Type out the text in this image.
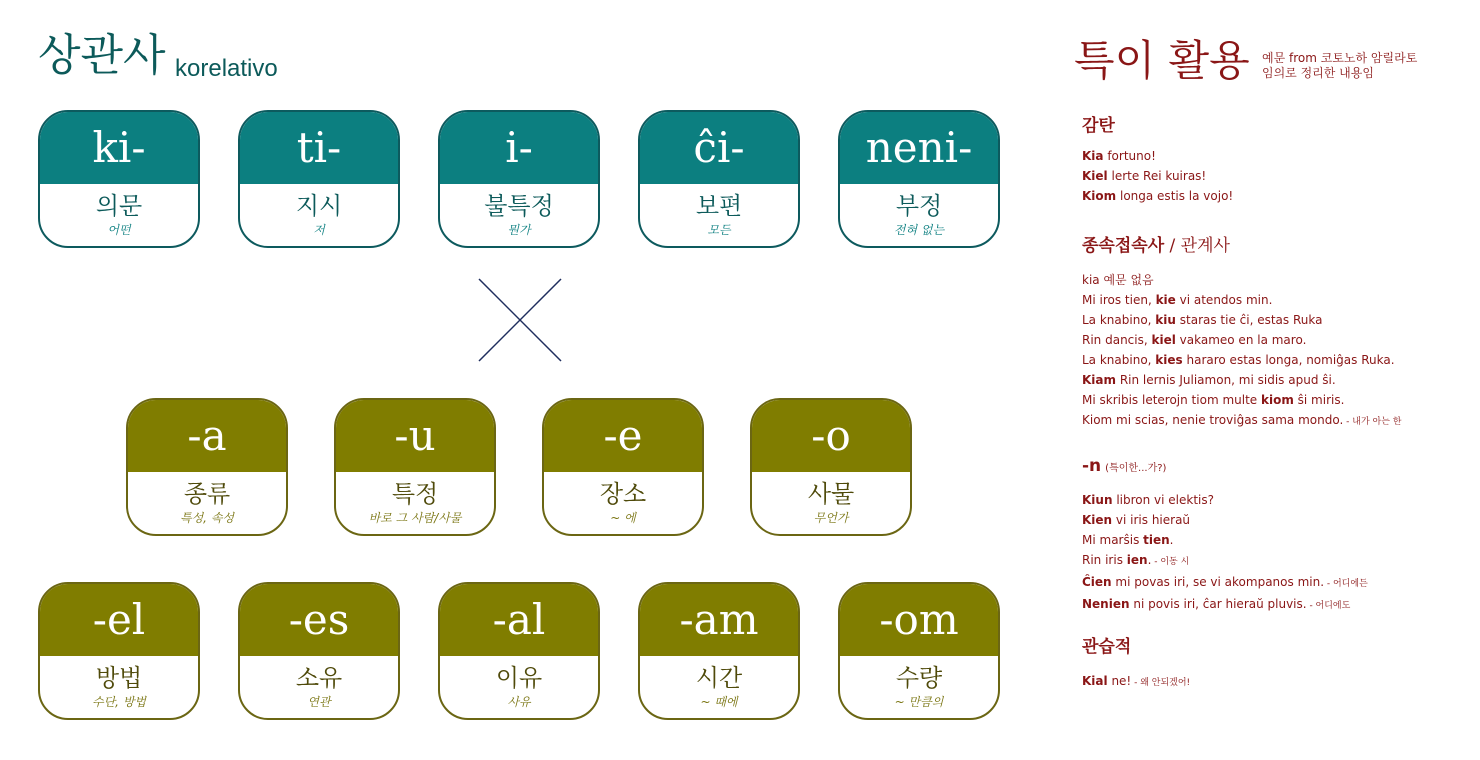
상관사 korelativo
ki-
의문
어떤
ti-
지시
저
i-
불특정
뭔가
ĉi-
보편
모든
neni-
부정
전혀 없는
-a
종류
특성, 속성
-u
특정
바로 그 사람/사물
-e
장소
~ 에
-o
사물
무언가
-el
방법
수단, 방법
-es
소유
연관
-al
이유
사유
-am
시간
~ 때에
-om
수량
~ 만큼의
특이 활용 예문 from 코토노하 암릴라토
임의로 정리한 내용임
감탄
Kia fortuno!
Kiel lerte Rei kuiras!
Kiom longa estis la vojo!
종속접속사 / 관계사
kia 예문 없음
Mi iros tien, kie vi atendos min.
La knabino, kiu staras tie ĉi, estas Ruka
Rin dancis, kiel vakameo en la maro.
La knabino, kies hararo estas longa, nomiĝas Ruka.
Kiam Rin lernis Juliamon, mi sidis apud ŝi.
Mi skribis leterojn tiom multe kiom ŝi miris.
Kiom mi scias, nenie troviĝas sama mondo. - 내가 아는 한
-n (특이한...가?)
Kiun libron vi elektis?
Kien vi iris hieraŭ
Mi marŝis tien.
Rin iris ien. - 이동 시
Ĉien mi povas iri, se vi akompanos min. - 어디에든
Nenien ni povis iri, ĉar hieraŭ pluvis. - 어디에도
관습적
Kial ne! - 왜 안되겠어!
